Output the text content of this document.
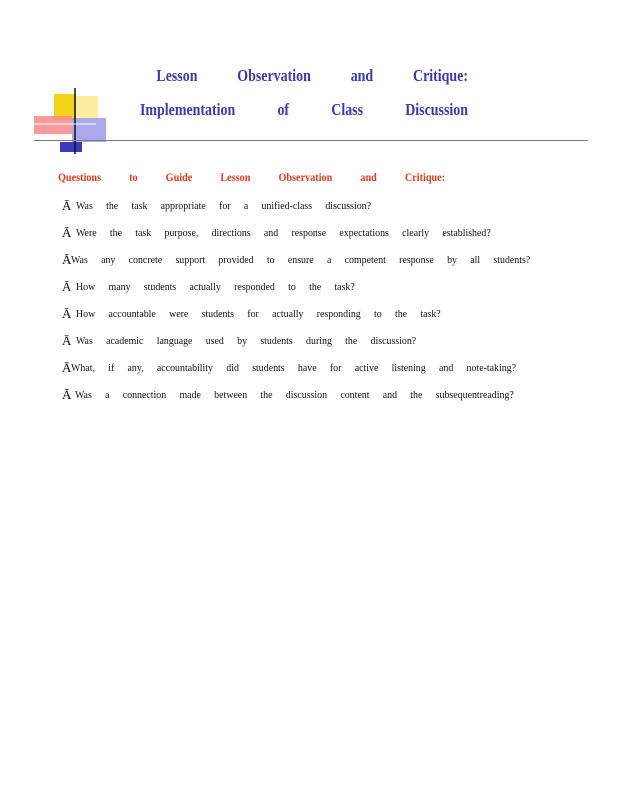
Lesson Observation and Critique:
Implementation of Class Discussion
Questions to Guide Lesson Observation and Critique:
Ā Was the task appropriate for a unified-class discussion?
Ā Were the task purpose, directions and response expectations clearly established?
Ā Was any concrete support provided to ensure a competent response by all students?
Ā How many students actually responded to the task?
Ā How accountable were students for actually responding to the task?
Ā Was academic language used by students during the discussion?
Ā What, if any, accountability did students have for active listening and note-taking?
Ā Was a connection made between the discussion content and the subsequentreading?
